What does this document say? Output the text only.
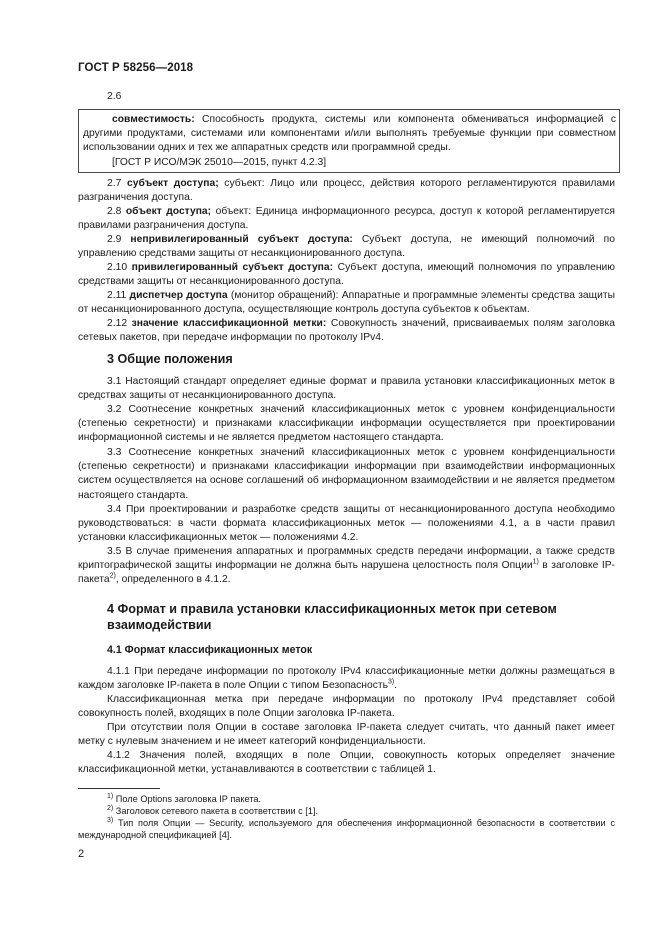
ГОСТ Р 58256—2018

2.6

совместимость: Способность продукта, системы или компонента обмениваться информацией с другими продуктами, системами или компонентами и/или выполнять требуемые функции при совместном использовании одних и тех же аппаратных средств или программной среды.

[ГОСТ Р ИСО/МЭК 25010—2015, пункт 4.2.3]

2.7 субъект доступа; субъект: Лицо или процесс, действия которого регламентируются правилами разграничения доступа.

2.8 объект доступа; объект: Единица информационного ресурса, доступ к которой регламентируется правилами разграничения доступа.

2.9 непривилегированный субъект доступа: Субъект доступа, не имеющий полномочий по управлению средствами защиты от несанкционированного доступа.

2.10 привилегированный субъект доступа: Субъект доступа, имеющий полномочия по управлению средствами защиты от несанкционированного доступа.

2.11 диспетчер доступа (монитор обращений): Аппаратные и программные элементы средства защиты от несанкционированного доступа, осуществляющие контроль доступа субъектов к объектам.

2.12 значение классификационной метки: Совокупность значений, присваиваемых полям заголовка сетевых пакетов, при передаче информации по протоколу IPv4.

3 Общие положения

3.1 Настоящий стандарт определяет единые формат и правила установки классификационных меток в средствах защиты от несанкционированного доступа.

3.2 Соотнесение конкретных значений классификационных меток с уровнем конфиденциальности (степенью секретности) и признаками классификации информации осуществляется при проектировании информационной системы и не является предметом настоящего стандарта.

3.3 Соотнесение конкретных значений классификационных меток с уровнем конфиденциальности (степенью секретности) и признаками классификации информации при взаимодействии информационных систем осуществляется на основе соглашений об информационном взаимодействии и не является предметом настоящего стандарта.

3.4 При проектировании и разработке средств защиты от несанкционированного доступа необходимо руководствоваться: в части формата классификационных меток — положениями 4.1, а в части правил установки классификационных меток — положениями 4.2.

3.5 В случае применения аппаратных и программных средств передачи информации, а также средств криптографической защиты информации не должна быть нарушена целостность поля Опции$^{1)}$ в заголовке IP-пакета$^{2)}$, определенного в 4.1.2.

4 Формат и правила установки классификационных меток при сетевом взаимодействии
4.1 Формат классификационных меток

4.1.1 При передаче информации по протоколу IPv4 классификационные метки должны размещаться в каждом заголовке IP-пакета в поле Опции с типом Безопасность$^{3)}$.

Классификационная метка при передаче информации по протоколу IPv4 представляет собой совокупность полей, входящих в поле Опции заголовка IP-пакета.

При отсутствии поля Опции в составе заголовка IP-пакета следует считать, что данный пакет имеет метку с нулевым значением и не имеет категорий конфиденциальности.

4.1.2 Значения полей, входящих в поле Опции, совокупность которых определяет значение классификационной метки, устанавливаются в соответствии с таблицей 1.

$^{1)}$ Поле Options заголовка IP пакета.

$^{2)}$ Заголовок сетевого пакета в соответствии с [1].

$^{3)}$ Тип поля Опции — Security, используемого для обеспечения информационной безопасности в соответствии с международной спецификацией [4].

2
